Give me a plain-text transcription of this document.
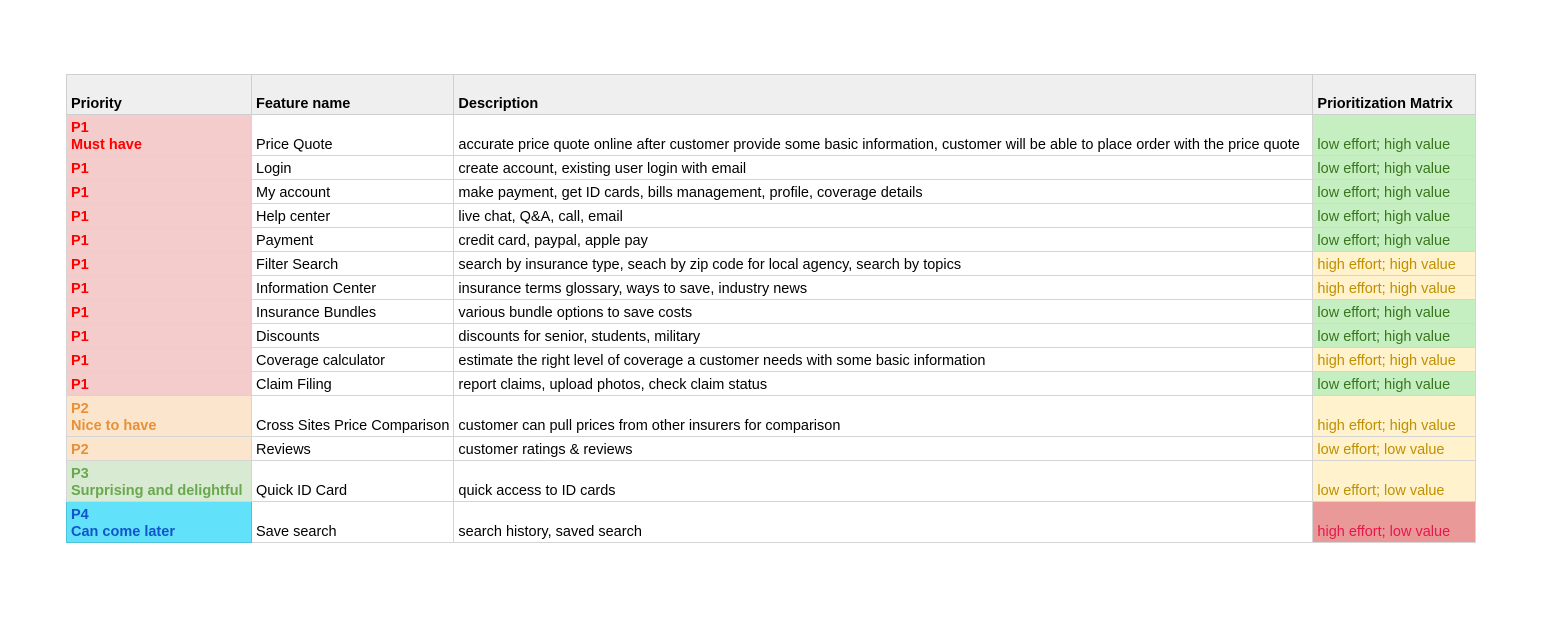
Priority	Feature name	Description	Prioritization Matrix

P1
Must have	Price Quote	accurate price quote online after customer provide some basic information, customer will be able to place order with the price quote	low effort; high value

P1	Login	create account, existing user login with email	low effort; high value

P1	My account	make payment, get ID cards, bills management, profile, coverage details	low effort; high value

P1	Help center	live chat, Q&A, call, email	low effort; high value

P1	Payment	credit card, paypal, apple pay	low effort; high value

P1	Filter Search	search by insurance type, seach by zip code for local agency, search by topics	high effort; high value

P1	Information Center	insurance terms glossary, ways to save, industry news	high effort; high value

P1	Insurance Bundles	various bundle options to save costs	low effort; high value

P1	Discounts	discounts for senior, students, military	low effort; high value

P1	Coverage calculator	estimate the right level of coverage a customer needs with some basic information	high effort; high value

P1	Claim Filing	report claims, upload photos, check claim status	low effort; high value

P2
Nice to have	Cross Sites Price Comparison	customer can pull prices from other insurers for comparison	high effort; high value

P2	Reviews	customer ratings & reviews	low effort; low value

P3
Surprising and delightful	Quick ID Card	quick access to ID cards	low effort; low value

P4
Can come later	Save search	search history, saved search	high effort; low value
